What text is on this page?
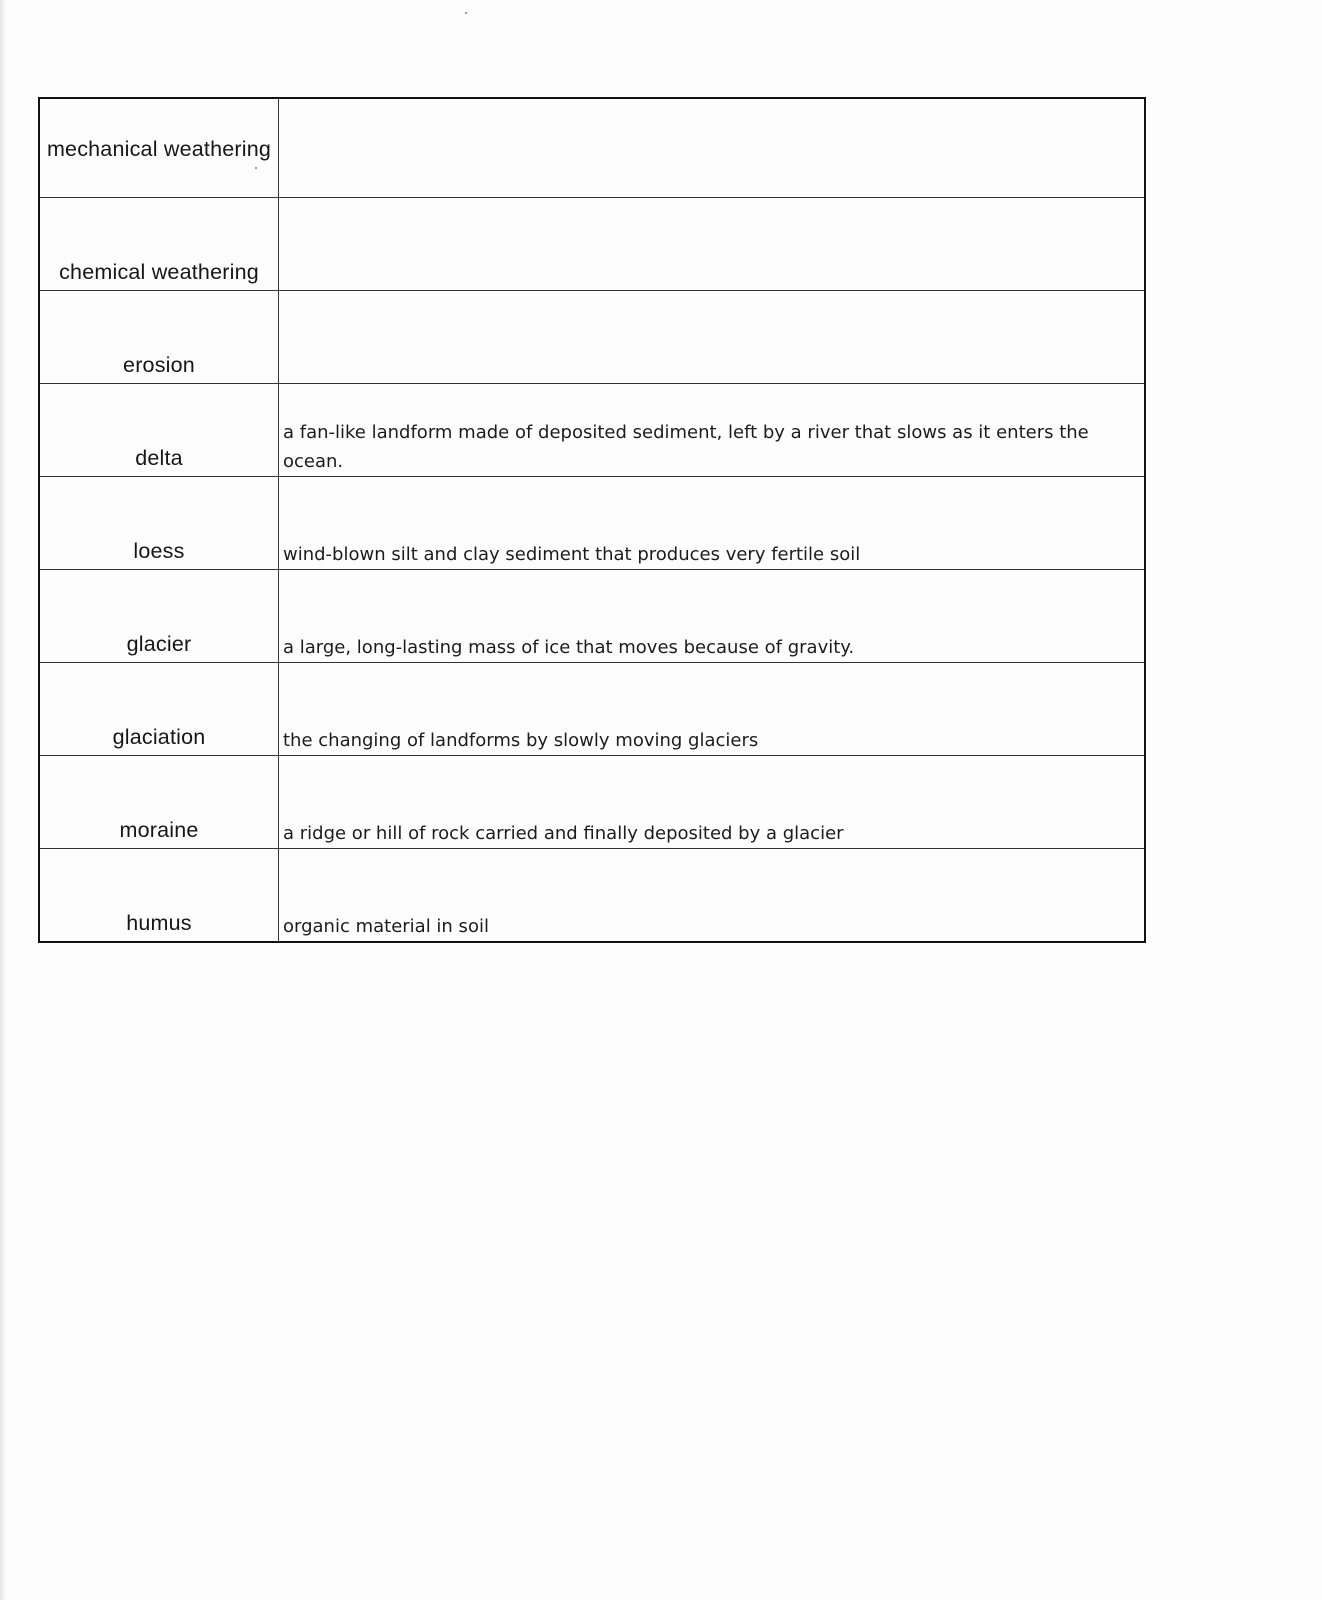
mechanical weathering	
chemical weathering	
erosion	
delta	a fan-like landform made of deposited sediment, left by a river that slows as it enters the ocean.
loess	wind-blown silt and clay sediment that produces very fertile soil
glacier	a large, long-lasting mass of ice that moves because of gravity.
glaciation	the changing of landforms by slowly moving glaciers
moraine	a ridge or hill of rock carried and finally deposited by a glacier
humus	organic material in soil
